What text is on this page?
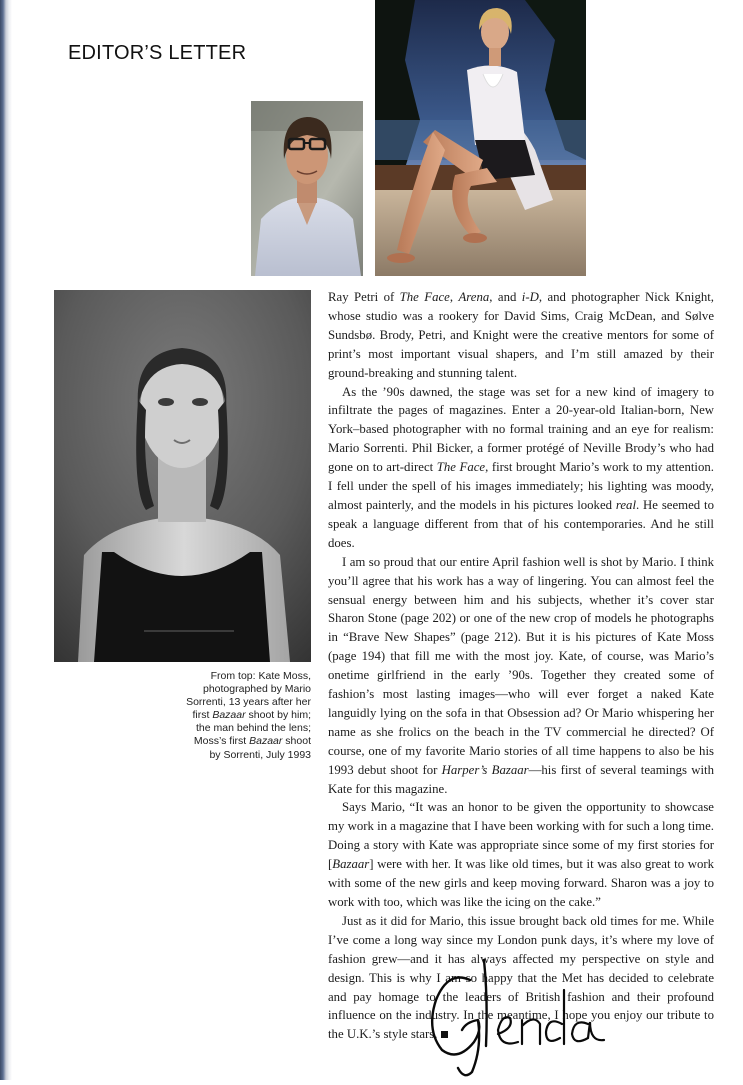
EDITOR’S LETTER
From top: Kate Moss, photographed by Mario Sorrenti, 13 years after her first Bazaar shoot by him; the man behind the lens; Moss’s first Bazaar shoot by Sorrenti, July 1993

Ray Petri of The Face, Arena, and i-D, and photographer Nick Knight, whose studio was a rookery for David Sims, Craig McDean, and Sølve Sundsbø. Brody, Petri, and Knight were the creative mentors for some of print’s most important visual shapers, and I’m still amazed by their ground-breaking and stunning talent.

As the ’90s dawned, the stage was set for a new kind of imagery to infiltrate the pages of magazines. Enter a 20-year-old Italian-born, New York–based photographer with no formal training and an eye for realism: Mario Sorrenti. Phil Bicker, a former protégé of Neville Brody’s who had gone on to art-direct The Face, first brought Mario’s work to my attention. I fell under the spell of his images immediately; his lighting was moody, almost painterly, and the models in his pictures looked real. He seemed to speak a language different from that of his contemporaries. And he still does.

I am so proud that our entire April fashion well is shot by Mario. I think you’ll agree that his work has a way of lingering. You can almost feel the sensual energy between him and his subjects, whether it’s cover star Sharon Stone (page 202) or one of the new crop of models he photographs in “Brave New Shapes” (page 212). But it is his pictures of Kate Moss (page 194) that fill me with the most joy. Kate, of course, was Mario’s onetime girlfriend in the early ’90s. Together they created some of fashion’s most lasting images—who will ever forget a naked Kate languidly lying on the sofa in that Obsession ad? Or Mario whispering her name as she frolics on the beach in the TV commercial he directed? Of course, one of my favorite Mario stories of all time happens to also be his 1993 debut shoot for Harper’s Bazaar—his first of several teamings with Kate for this magazine.

Says Mario, “It was an honor to be given the opportunity to showcase my work in a magazine that I have been working with for such a long time. Doing a story with Kate was appropriate since some of my first stories for [Bazaar] were with her. It was like old times, but it was also great to work with some of the new girls and keep moving forward. Sharon was a joy to work with too, which was like the icing on the cake.”

Just as it did for Mario, this issue brought back old times for me. While I’ve come a long way since my London punk days, it’s where my love of fashion grew—and it has always affected my perspective on style and design. This is why I am so happy that the Met has decided to celebrate and pay homage to the leaders of British fashion and their profound influence on the industry. In the meantime, I hope you enjoy our tribute to the U.K.’s style stars.
